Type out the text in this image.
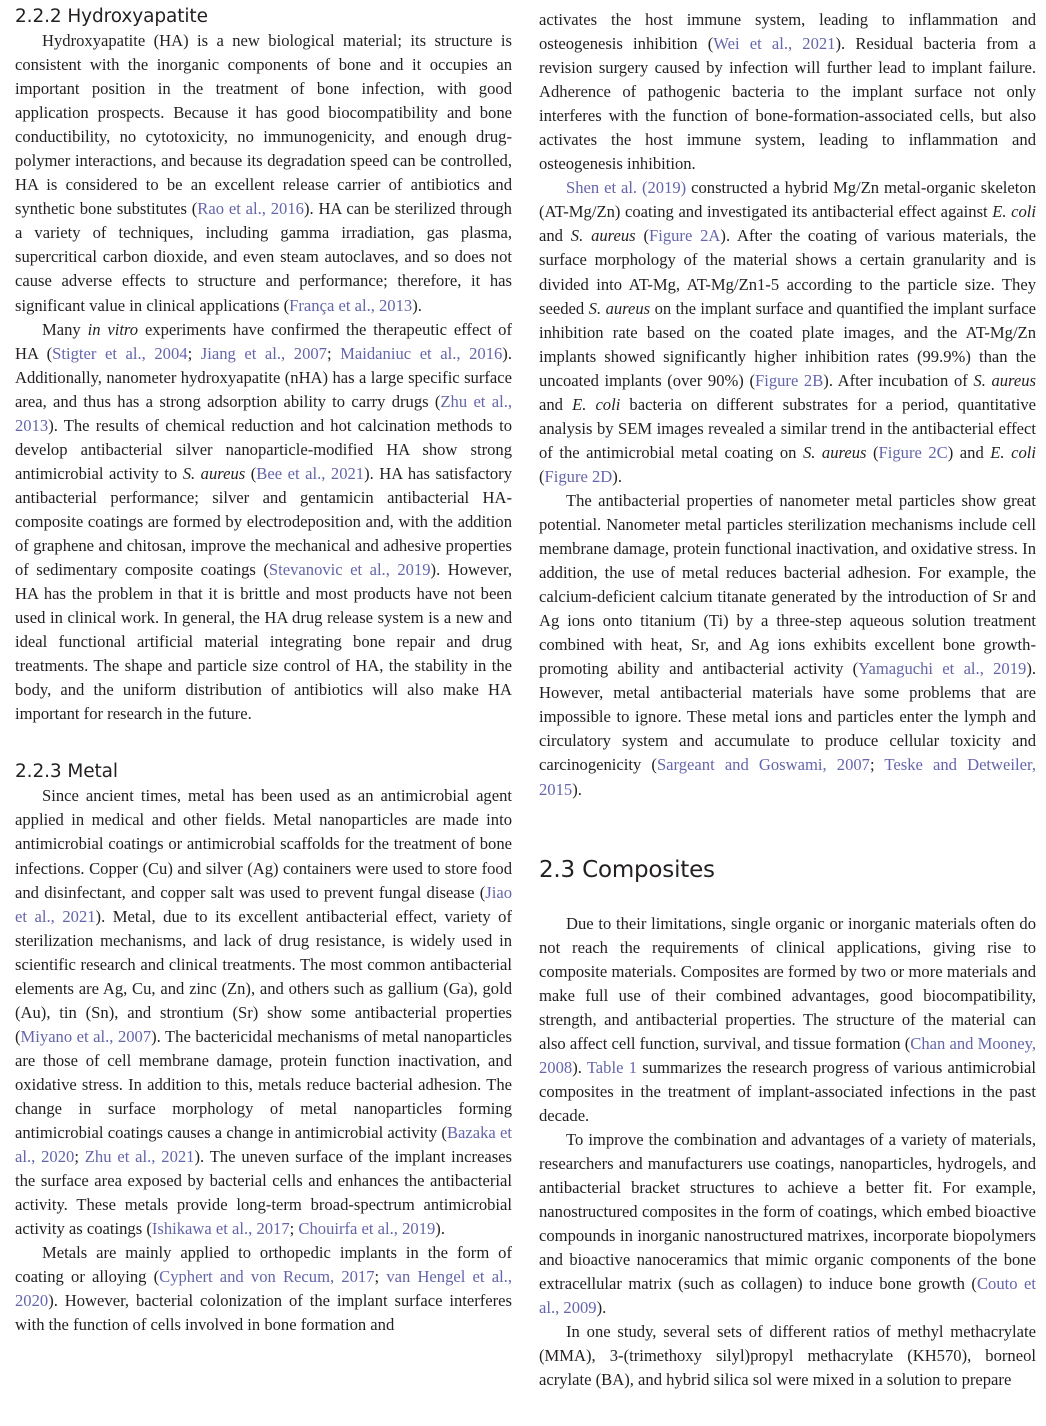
2.2.2 Hydroxyapatite

Hydroxyapatite (HA) is a new biological material; its structure is consistent with the inorganic components of bone and it occupies an important position in the treatment of bone infection, with good application prospects. Because it has good biocompatibility and bone conductibility, no cytotoxicity, no immunogenicity, and enough drug-polymer interactions, and because its degradation speed can be controlled, HA is considered to be an excellent release carrier of antibiotics and synthetic bone substitutes (Rao et al., 2016). HA can be sterilized through a variety of techniques, including gamma irradiation, gas plasma, supercritical carbon dioxide, and even steam autoclaves, and so does not cause adverse effects to structure and performance; therefore, it has significant value in clinical applications (França et al., 2013).

Many in vitro experiments have confirmed the therapeutic effect of HA (Stigter et al., 2004; Jiang et al., 2007; Maidaniuc et al., 2016). Additionally, nanometer hydroxyapatite (nHA) has a large specific surface area, and thus has a strong adsorption ability to carry drugs (Zhu et al., 2013). The results of chemical reduction and hot calcination methods to develop antibacterial silver nanoparticle-modified HA show strong antimicrobial activity to S. aureus (Bee et al., 2021). HA has satisfactory antibacterial performance; silver and gentamicin antibacterial HA-composite coatings are formed by electrodeposition and, with the addition of graphene and chitosan, improve the mechanical and adhesive properties of sedimentary composite coatings (Stevanovic et al., 2019). However, HA has the problem in that it is brittle and most products have not been used in clinical work. In general, the HA drug release system is a new and ideal functional artificial material integrating bone repair and drug treatments. The shape and particle size control of HA, the stability in the body, and the uniform distribution of antibiotics will also make HA important for research in the future.

2.2.3 Metal

Since ancient times, metal has been used as an antimicrobial agent applied in medical and other fields. Metal nanoparticles are made into antimicrobial coatings or antimicrobial scaffolds for the treatment of bone infections. Copper (Cu) and silver (Ag) containers were used to store food and disinfectant, and copper salt was used to prevent fungal disease (Jiao et al., 2021). Metal, due to its excellent antibacterial effect, variety of sterilization mechanisms, and lack of drug resistance, is widely used in scientific research and clinical treatments. The most common antibacterial elements are Ag, Cu, and zinc (Zn), and others such as gallium (Ga), gold (Au), tin (Sn), and strontium (Sr) show some antibacterial properties (Miyano et al., 2007). The bactericidal mechanisms of metal nanoparticles are those of cell membrane damage, protein function inactivation, and oxidative stress. In addition to this, metals reduce bacterial adhesion. The change in surface morphology of metal nanoparticles forming antimicrobial coatings causes a change in antimicrobial activity (Bazaka et al., 2020; Zhu et al., 2021). The uneven surface of the implant increases the surface area exposed by bacterial cells and enhances the antibacterial activity. These metals provide long-term broad-spectrum antimicrobial activity as coatings (Ishikawa et al., 2017; Chouirfa et al., 2019).

Metals are mainly applied to orthopedic implants in the form of coating or alloying (Cyphert and von Recum, 2017; van Hengel et al., 2020). However, bacterial colonization of the implant surface interferes with the function of cells involved in bone formation and

activates the host immune system, leading to inflammation and osteogenesis inhibition (Wei et al., 2021). Residual bacteria from a revision surgery caused by infection will further lead to implant failure. Adherence of pathogenic bacteria to the implant surface not only interferes with the function of bone-formation-associated cells, but also activates the host immune system, leading to inflammation and osteogenesis inhibition.

Shen et al. (2019) constructed a hybrid Mg/Zn metal-organic skeleton (AT-Mg/Zn) coating and investigated its antibacterial effect against E. coli and S. aureus (Figure 2A). After the coating of various materials, the surface morphology of the material shows a certain granularity and is divided into AT-Mg, AT-Mg/Zn1-5 according to the particle size. They seeded S. aureus on the implant surface and quantified the implant surface inhibition rate based on the coated plate images, and the AT-Mg/Zn implants showed significantly higher inhibition rates (99.9%) than the uncoated implants (over 90%) (Figure 2B). After incubation of S. aureus and E. coli bacteria on different substrates for a period, quantitative analysis by SEM images revealed a similar trend in the antibacterial effect of the antimicrobial metal coating on S. aureus (Figure 2C) and E. coli (Figure 2D).

The antibacterial properties of nanometer metal particles show great potential. Nanometer metal particles sterilization mechanisms include cell membrane damage, protein functional inactivation, and oxidative stress. In addition, the use of metal reduces bacterial adhesion. For example, the calcium-deficient calcium titanate generated by the introduction of Sr and Ag ions onto titanium (Ti) by a three-step aqueous solution treatment combined with heat, Sr, and Ag ions exhibits excellent bone growth-promoting ability and antibacterial activity (Yamaguchi et al., 2019). However, metal antibacterial materials have some problems that are impossible to ignore. These metal ions and particles enter the lymph and circulatory system and accumulate to produce cellular toxicity and carcinogenicity (Sargeant and Goswami, 2007; Teske and Detweiler, 2015).

2.3 Composites

Due to their limitations, single organic or inorganic materials often do not reach the requirements of clinical applications, giving rise to composite materials. Composites are formed by two or more materials and make full use of their combined advantages, good biocompatibility, strength, and antibacterial properties. The structure of the material can also affect cell function, survival, and tissue formation (Chan and Mooney, 2008). Table 1 summarizes the research progress of various antimicrobial composites in the treatment of implant-associated infections in the past decade.

To improve the combination and advantages of a variety of materials, researchers and manufacturers use coatings, nanoparticles, hydrogels, and antibacterial bracket structures to achieve a better fit. For example, nanostructured composites in the form of coatings, which embed bioactive compounds in inorganic nanostructured matrixes, incorporate biopolymers and bioactive nanoceramics that mimic organic components of the bone extracellular matrix (such as collagen) to induce bone growth (Couto et al., 2009).

In one study, several sets of different ratios of methyl methacrylate (MMA), 3-(trimethoxy silyl)propyl methacrylate (KH570), borneol acrylate (BA), and hybrid silica sol were mixed in a solution to prepare
